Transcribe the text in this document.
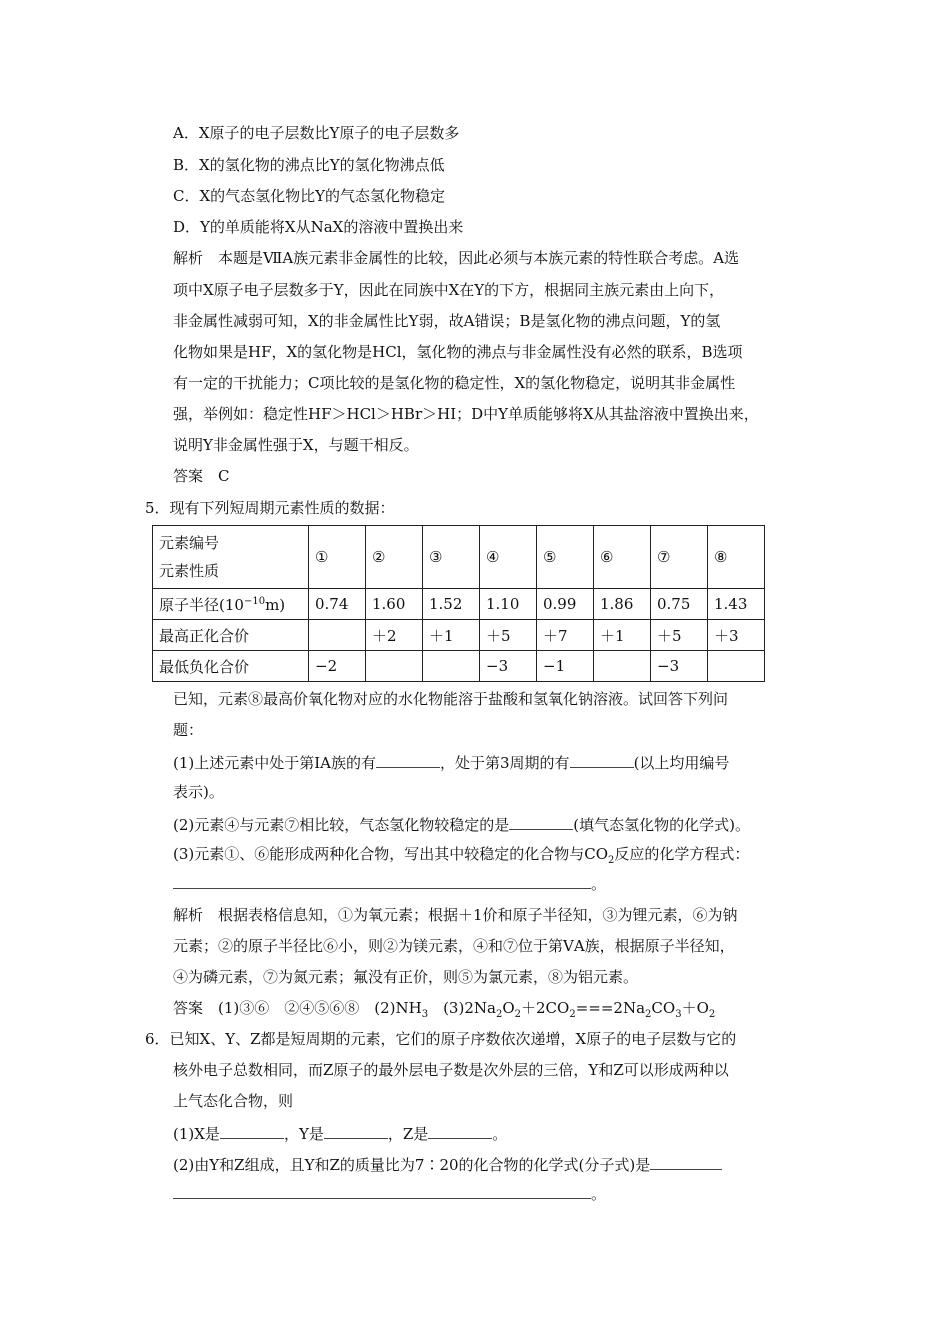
A．X原子的电子层数比Y原子的电子层数多
B．X的氢化物的沸点比Y的氢化物沸点低
C．X的气态氢化物比Y的气态氢化物稳定
D．Y的单质能将X从NaX的溶液中置换出来
解析　本题是ⅦA族元素非金属性的比较，因此必须与本族元素的特性联合考虑。A选
项中X原子电子层数多于Y，因此在同族中X在Y的下方，根据同主族元素由上向下，
非金属性减弱可知，X的非金属性比Y弱，故A错误；B是氢化物的沸点问题，Y的氢
化物如果是HF，X的氢化物是HCl，氢化物的沸点与非金属性没有必然的联系，B选项
有一定的干扰能力；C项比较的是氢化物的稳定性，X的氢化物稳定，说明其非金属性
强，举例如：稳定性HF＞HCl＞HBr＞HI；D中Y单质能够将X从其盐溶液中置换出来，
说明Y非金属性强于X，与题干相反。
答案　C
5．现有下列短周期元素性质的数据：
元素编号
元素性质	①	②	③	④	⑤	⑥	⑦	⑧
原子半径$(10^{-10}m)$	0.74	1.60	1.52	1.10	0.99	1.86	0.75	1.43
最高正化合价		＋2	＋1	＋5	＋7	＋1	＋5	＋3
最低负化合价	−2			−3	−1		−3	
已知，元素⑧最高价氧化物对应的水化物能溶于盐酸和氢氧化钠溶液。试回答下列问
题：
(1)上述元素中处于第ⅠA族的有	，处于第3周期的有	(以上均用编号
表示)。
(2)元素④与元素⑦相比较，气态氢化物较稳定的是	(填气态氢化物的化学式)。
(3)元素①、⑥能形成两种化合物，写出其中较稳定的化合物与$CO_2$反应的化学方程式：
。
解析　根据表格信息知，①为氧元素；根据＋1价和原子半径知，③为锂元素，⑥为钠
元素；②的原子半径比⑥小，则②为镁元素，④和⑦位于第ⅤA族，根据原子半径知，
④为磷元素，⑦为氮元素；氟没有正价，则⑤为氯元素，⑧为铝元素。
答案　(1)③⑥　②④⑤⑥⑧　$(2)NH_3$　$(3)2Na_2O_2+2CO_2===2Na_2CO_3+O_2$
6．已知X、Y、Z都是短周期的元素，它们的原子序数依次递增，X原子的电子层数与它的
核外电子总数相同，而Z原子的最外层电子数是次外层的三倍，Y和Z可以形成两种以
上气态化合物，则
(1)X是	，Y是	，Z是	。
(2)由Y和Z组成，且Y和Z的质量比为7∶20的化合物的化学式(分子式)是
。
